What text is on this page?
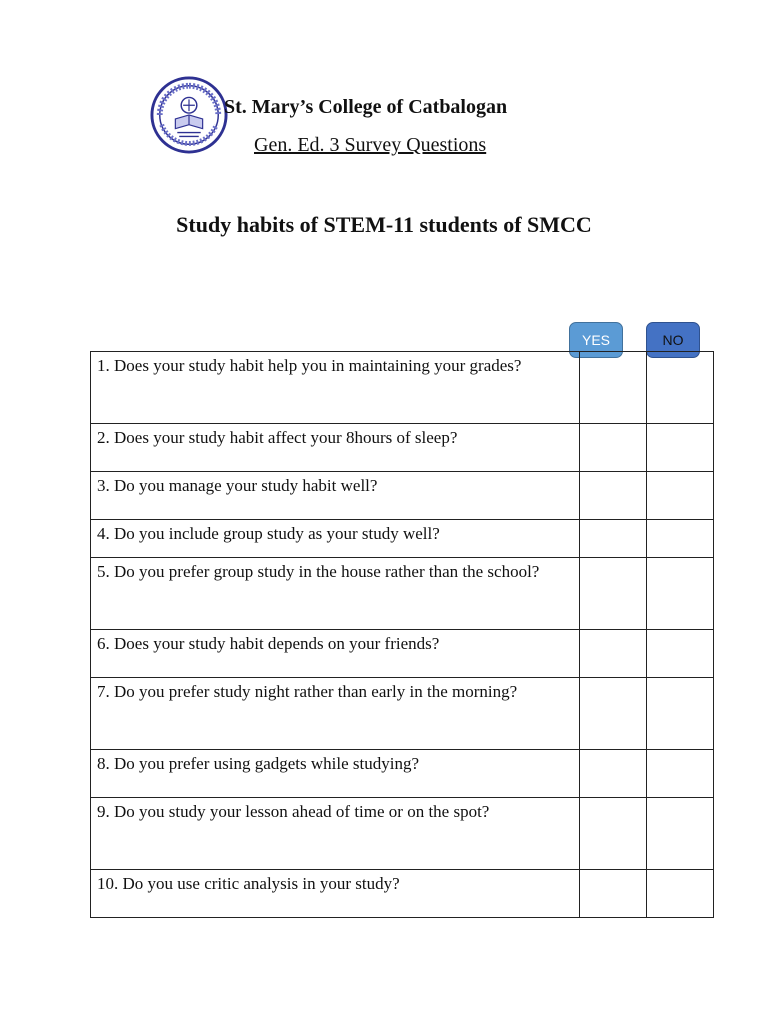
St. Mary’s College of Catbalogan
Gen. Ed. 3 Survey Questions
Study habits of STEM-11 students of SMCC
YES	NO
1. Does your study habit help you in maintaining your grades?		
2. Does your study habit affect your 8hours of sleep?		
3. Do you manage your study habit well?		
4. Do you include group study as your study well?		
5. Do you prefer group study in the house rather than the school?		
6. Does your study habit depends on your friends?		
7. Do you prefer study night rather than early in the morning?		
8. Do you prefer using gadgets while studying?		
9. Do you study your lesson ahead of time or on the spot?		
10. Do you use critic analysis in your study?		
